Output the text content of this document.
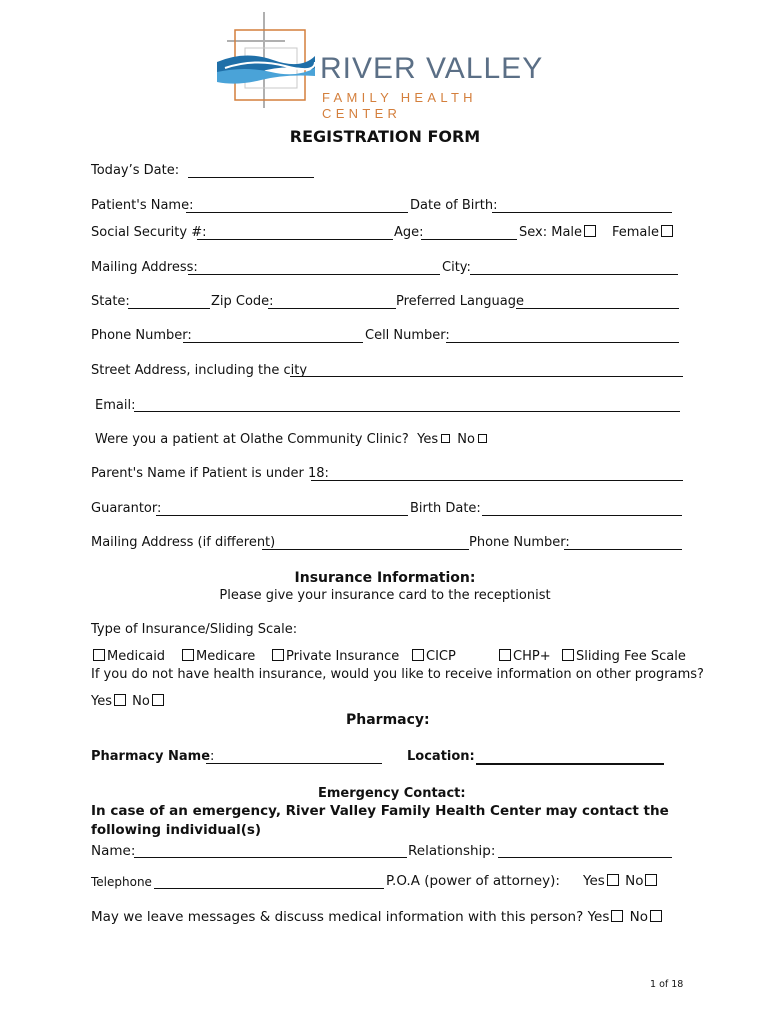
RIVER VALLEY
FAMILY HEALTH CENTER
REGISTRATION FORM
Today’s Date:
Patient's Name:	Date of Birth:
Social Security #:	Age:	Sex: Male	Female
Mailing Address:	City:
State:	Zip Code:	Preferred Language
Phone Number:	Cell Number:
Street Address, including the city
Email:
Were you a patient at Olathe Community Clinic? Yes No
Parent's Name if Patient is under 18:
Guarantor:	Birth Date:
Mailing Address (if different)	Phone Number:
Insurance Information:
Please give your insurance card to the receptionist
Type of Insurance/Sliding Scale:
Medicaid	Medicare	Private Insurance	CICP	CHP+	Sliding Fee Scale
If you do not have health insurance, would you like to receive information on other programs?
Yes No
Pharmacy:
Pharmacy Name:	Location:
Emergency Contact:
In case of an emergency, River Valley Family Health Center may contact the
following individual(s)
Name:	Relationship:
Telephone	P.O.A (power of attorney): Yes No
May we leave messages & discuss medical information with this person? Yes No
1 of 18
